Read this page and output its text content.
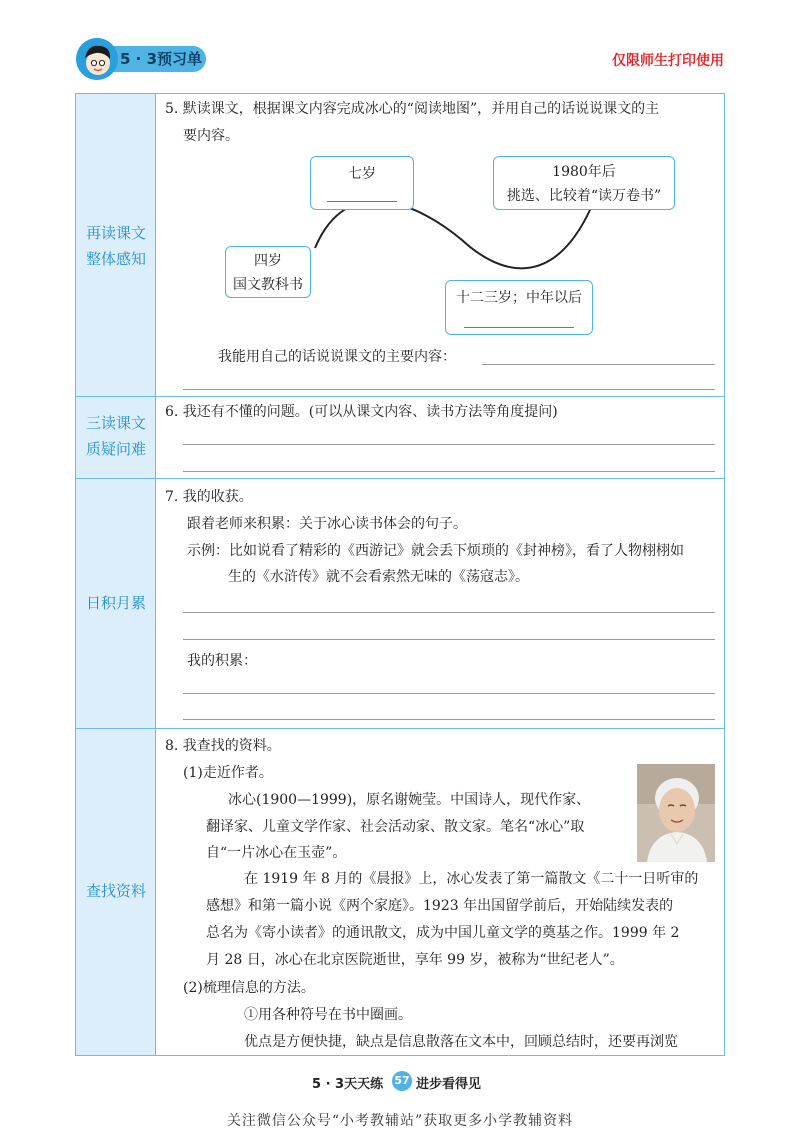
5 · 3预习单	仅限师生打印使用
再读课文
整体感知
三读课文
质疑问难
日积月累
查找资料
5. 默读课文，根据课文内容完成冰心的“阅读地图”，并用自己的话说说课文的主
要内容。
七岁	1980年后
挑选、比较着“读万卷书”
四岁
国文教科书
十二三岁；中年以后
我能用自己的话说说课文的主要内容：
6. 我还有不懂的问题。(可以从课文内容、读书方法等角度提问)
7. 我的收获。
跟着老师来积累：关于冰心读书体会的句子。
示例：比如说看了精彩的《西游记》就会丢下烦琐的《封神榜》，看了人物栩栩如
生的《水浒传》就不会看索然无味的《荡寇志》。
我的积累：
8. 我查找的资料。
(1)走近作者。
冰心(1900—1999)，原名谢婉莹。中国诗人，现代作家、
翻译家、儿童文学作家、社会活动家、散文家。笔名“冰心”取
自“一片冰心在玉壶”。
在 1919 年 8 月的《晨报》上，冰心发表了第一篇散文《二十一日听审的
感想》和第一篇小说《两个家庭》。1923 年出国留学前后，开始陆续发表的
总名为《寄小读者》的通讯散文，成为中国儿童文学的奠基之作。1999 年 2
月 28 日，冰心在北京医院逝世，享年 99 岁，被称为“世纪老人”。
(2)梳理信息的方法。
①用各种符号在书中圈画。
优点是方便快捷，缺点是信息散落在文本中，回顾总结时，还要再浏览
5 · 3天天练 57 进步看得见
关注微信公众号“小考教辅站”获取更多小学教辅资料
